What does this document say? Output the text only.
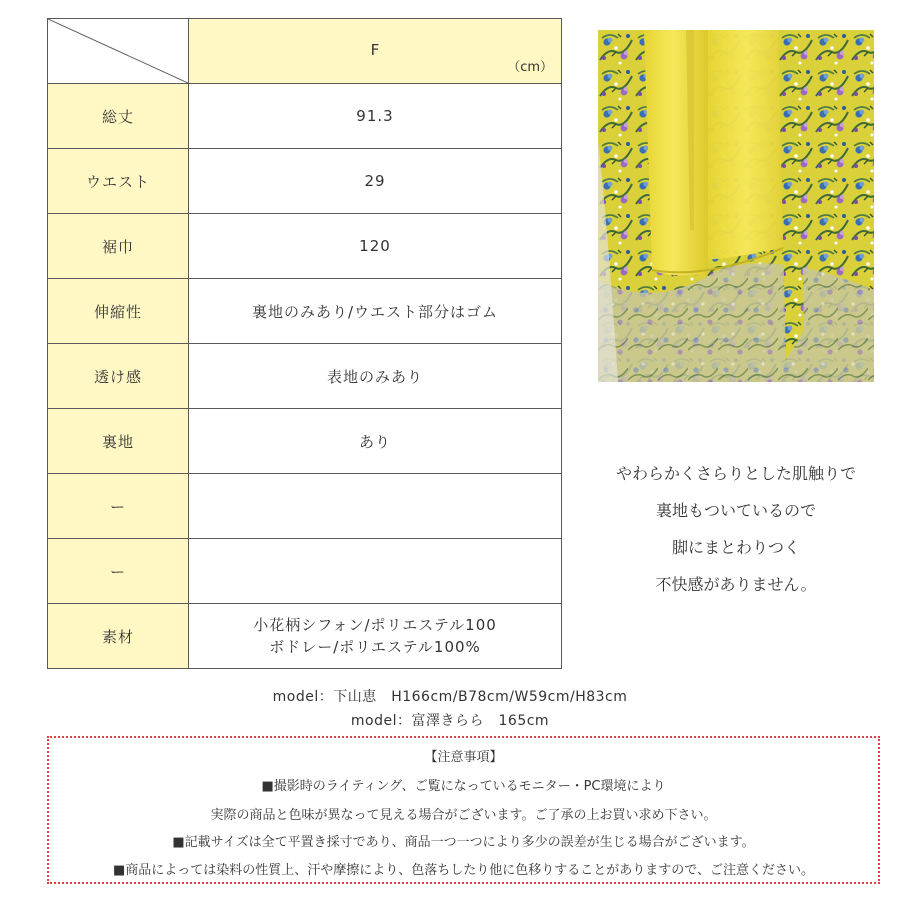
F
（cm）

総丈	91.3
ウエスト	29
裾巾	120
伸縮性	裏地のみあり/ウエスト部分はゴム
透け感	表地のみあり
裏地	あり
ー	
ー	
素材	小花柄シフォン/ポリエステル100
ボドレー/ポリエステル100%
やわらかくさらりとした肌触りで
裏地もついているので
脚にまとわりつく
不快感がありません。
model：下山恵　H166cm/B78cm/W59cm/H83cm
model：富澤きらら　165cm
【注意事項】
■撮影時のライティング、ご覧になっているモニター・PC環境により
実際の商品と色味が異なって見える場合がございます。ご了承の上お買い求め下さい。
■記載サイズは全て平置き採寸であり、商品一つ一つにより多少の誤差が生じる場合がございます。
■商品によっては染料の性質上、汗や摩擦により、色落ちしたり他に色移りすることがありますので、ご注意ください。
